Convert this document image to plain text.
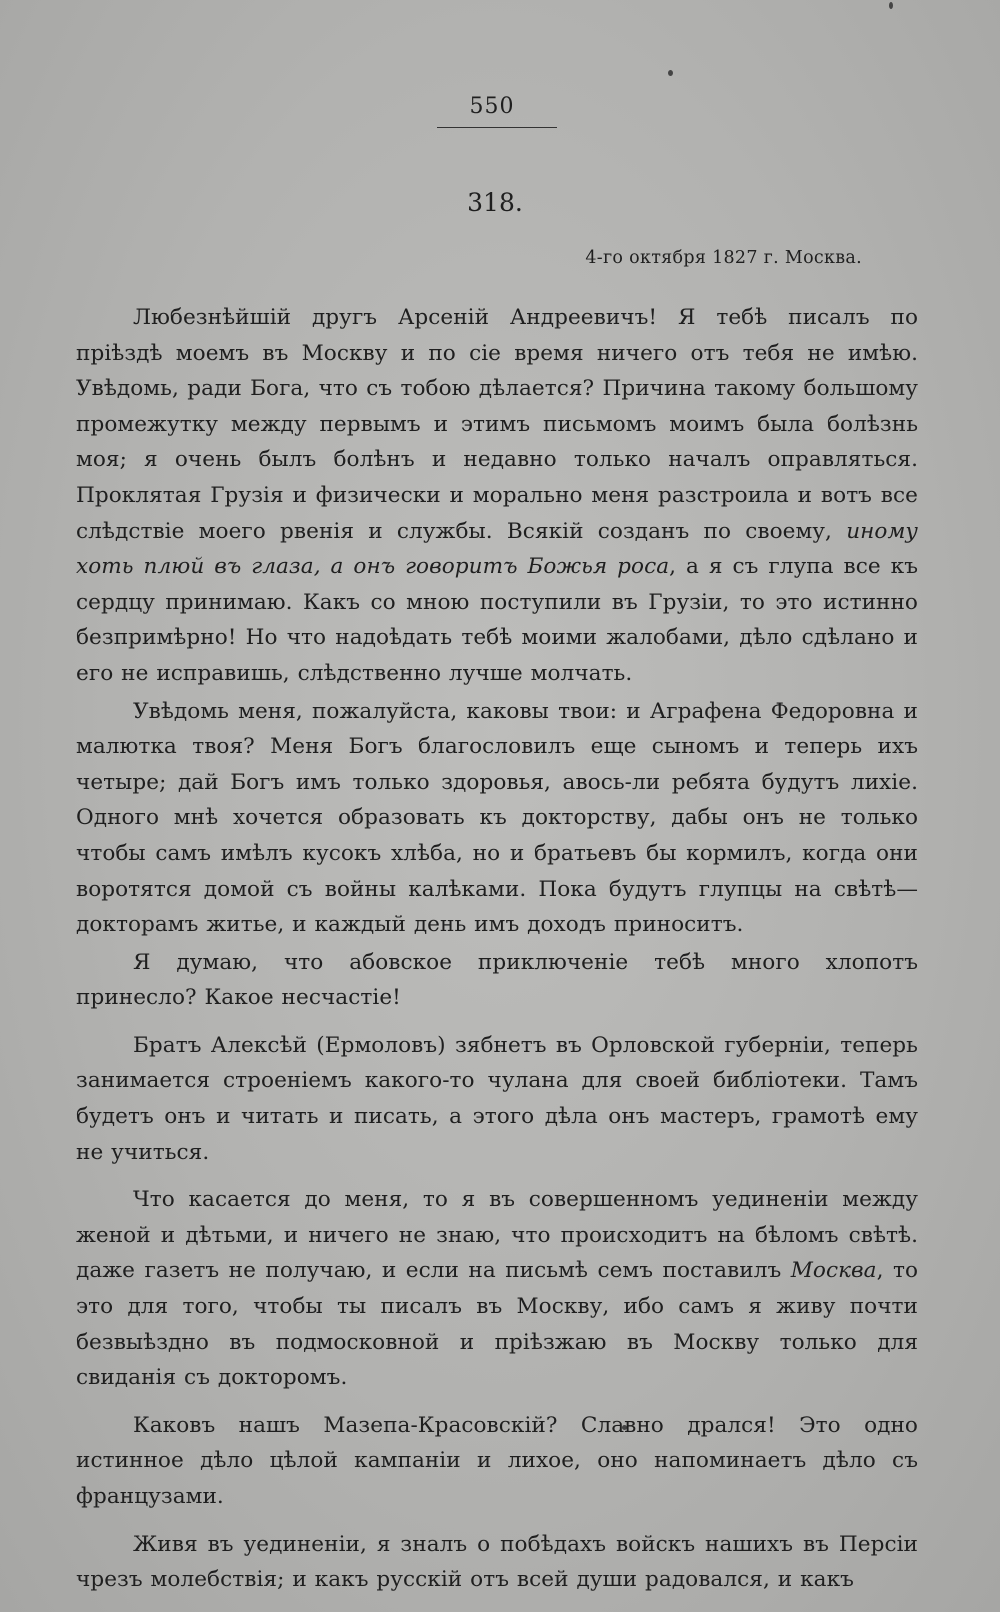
550
318.
4-го октября 1827 г. Москва.

Любезнѣйшій другъ Арсеній Андреевичъ! Я тебѣ писалъ по пріѣздѣ моемъ въ Москву и по сіе время ничего отъ тебя не имѣю. Увѣдомь, ради Бога, что съ тобою дѣлается? Причина такому большому промежутку между первымъ и этимъ письмомъ моимъ была болѣзнь моя; я очень былъ болѣнъ и недавно только началъ оправляться. Проклятая Грузія и физически и морально меня разстроила и вотъ все слѣдствіе моего рвенія и службы. Всякій созданъ по своему, иному хоть плюй въ глаза, а онъ говоритъ Божья роса, а я съ глупа все къ сердцу принимаю. Какъ со мною поступили въ Грузіи, то это истинно безпримѣрно! Но что надоѣдать тебѣ моими жалобами, дѣло сдѣлано и его не исправишь, слѣдственно лучше молчать.

Увѣдомь меня, пожалуйста, каковы твои: и Аграфена Федоровна и малютка твоя? Меня Богъ благословилъ еще сыномъ и теперь ихъ четыре; дай Богъ имъ только здоровья, авось-ли ребята будутъ лихіе. Одного мнѣ хочется образовать къ докторству, дабы онъ не только чтобы самъ имѣлъ кусокъ хлѣба, но и братьевъ бы кормилъ, когда они воротятся домой съ войны калѣками. Пока будутъ глупцы на свѣтѣ— докторамъ житье, и каждый день имъ доходъ приноситъ.

Я думаю, что абовское приключеніе тебѣ много хлопотъ принесло? Какое несчастіе!

Братъ Алексѣй (Ермоловъ) зябнетъ въ Орловской губерніи, теперь занимается строеніемъ какого-то чулана для своей библіотеки. Тамъ будетъ онъ и читать и писать, а этого дѣла онъ мастеръ, грамотѣ ему не учиться.

Что касается до меня, то я въ совершенномъ уединеніи между женой и дѣтьми, и ничего не знаю, что происходитъ на бѣломъ свѣтѣ. даже газетъ не получаю, и если на письмѣ семъ поставилъ Москва, то это для того, чтобы ты писалъ въ Москву, ибо самъ я живу почти безвыѣздно въ подмосковной и пріѣзжаю въ Москву только для свиданія съ докторомъ.

Каковъ нашъ Мазепа-Красовскій? Славно дрался! Это одно истинное дѣло цѣлой кампаніи и лихое, оно напоминаетъ дѣло съ французами.

Живя въ уединеніи, я зналъ о побѣдахъ войскъ нашихъ въ Персіи чрезъ молебствія; и какъ русскій отъ всей души радовался, и какъ
